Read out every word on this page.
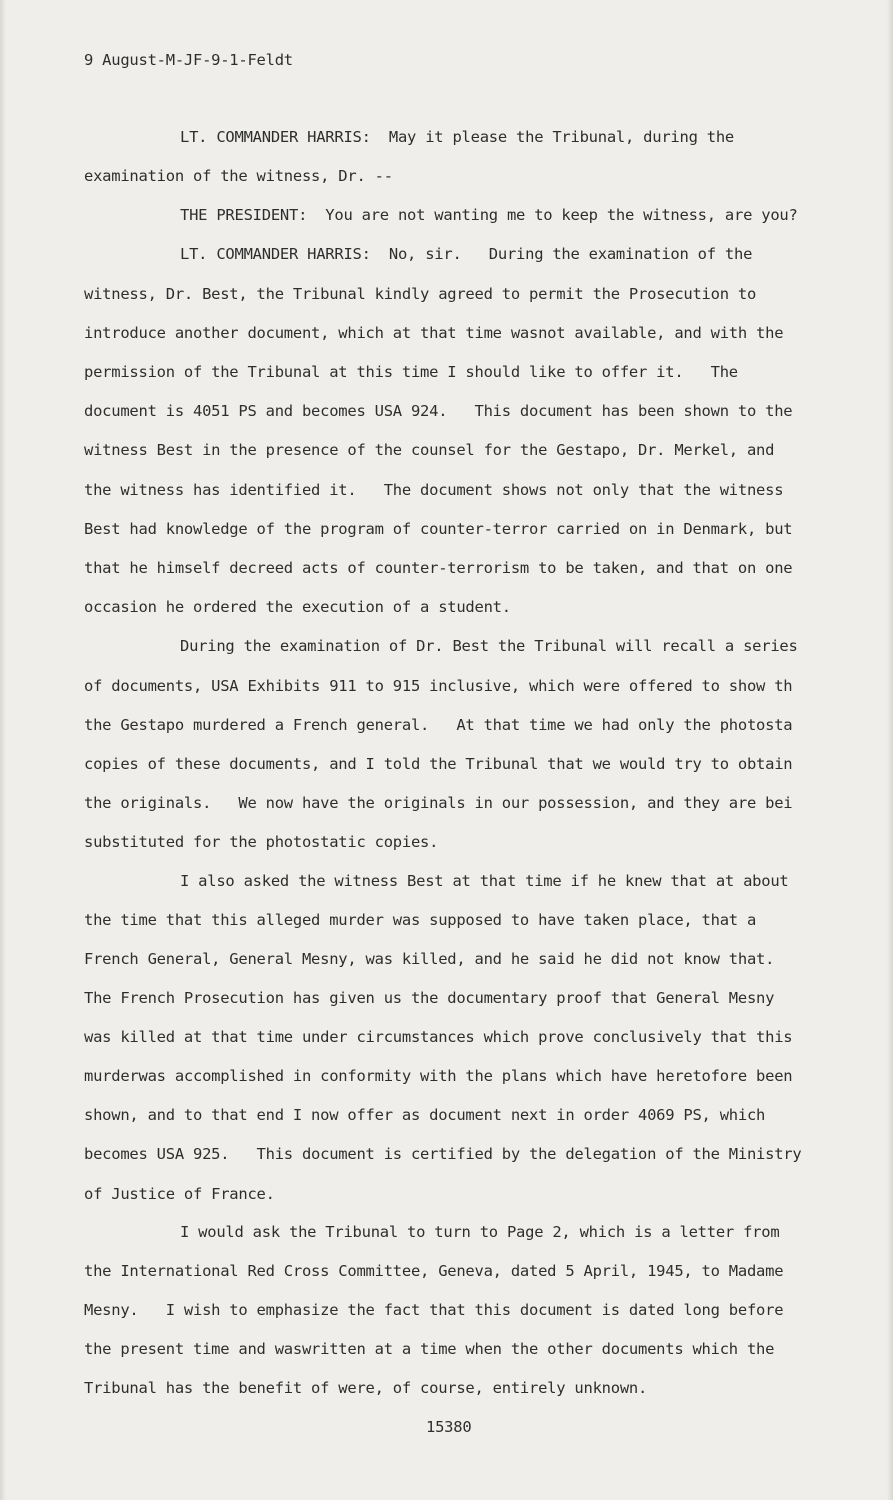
9 August-M-JF-9-1-Feldt
LT. COMMANDER HARRIS:  May it please the Tribunal, during the
examination of the witness, Dr. --
THE PRESIDENT:  You are not wanting me to keep the witness, are you?
LT. COMMANDER HARRIS:  No, sir.   During the examination of the
witness, Dr. Best, the Tribunal kindly agreed to permit the Prosecution to
introduce another document, which at that time wasnot available, and with the
permission of the Tribunal at this time I should like to offer it.   The
document is 4051 PS and becomes USA 924.   This document has been shown to the
witness Best in the presence of the counsel for the Gestapo, Dr. Merkel, and
the witness has identified it.   The document shows not only that the witness
Best had knowledge of the program of counter-terror carried on in Denmark, but
that he himself decreed acts of counter-terrorism to be taken, and that on one
occasion he ordered the execution of a student.
During the examination of Dr. Best the Tribunal will recall a series
of documents, USA Exhibits 911 to 915 inclusive, which were offered to show th
the Gestapo murdered a French general.   At that time we had only the photosta
copies of these documents, and I told the Tribunal that we would try to obtain
the originals.   We now have the originals in our possession, and they are bei
substituted for the photostatic copies.
I also asked the witness Best at that time if he knew that at about
the time that this alleged murder was supposed to have taken place, that a
French General, General Mesny, was killed, and he said he did not know that.
The French Prosecution has given us the documentary proof that General Mesny
was killed at that time under circumstances which prove conclusively that this
murderwas accomplished in conformity with the plans which have heretofore been
shown, and to that end I now offer as document next in order 4069 PS, which
becomes USA 925.   This document is certified by the delegation of the Ministry
of Justice of France.
I would ask the Tribunal to turn to Page 2, which is a letter from
the International Red Cross Committee, Geneva, dated 5 April, 1945, to Madame
Mesny.   I wish to emphasize the fact that this document is dated long before
the present time and waswritten at a time when the other documents which the
Tribunal has the benefit of were, of course, entirely unknown.
15380
